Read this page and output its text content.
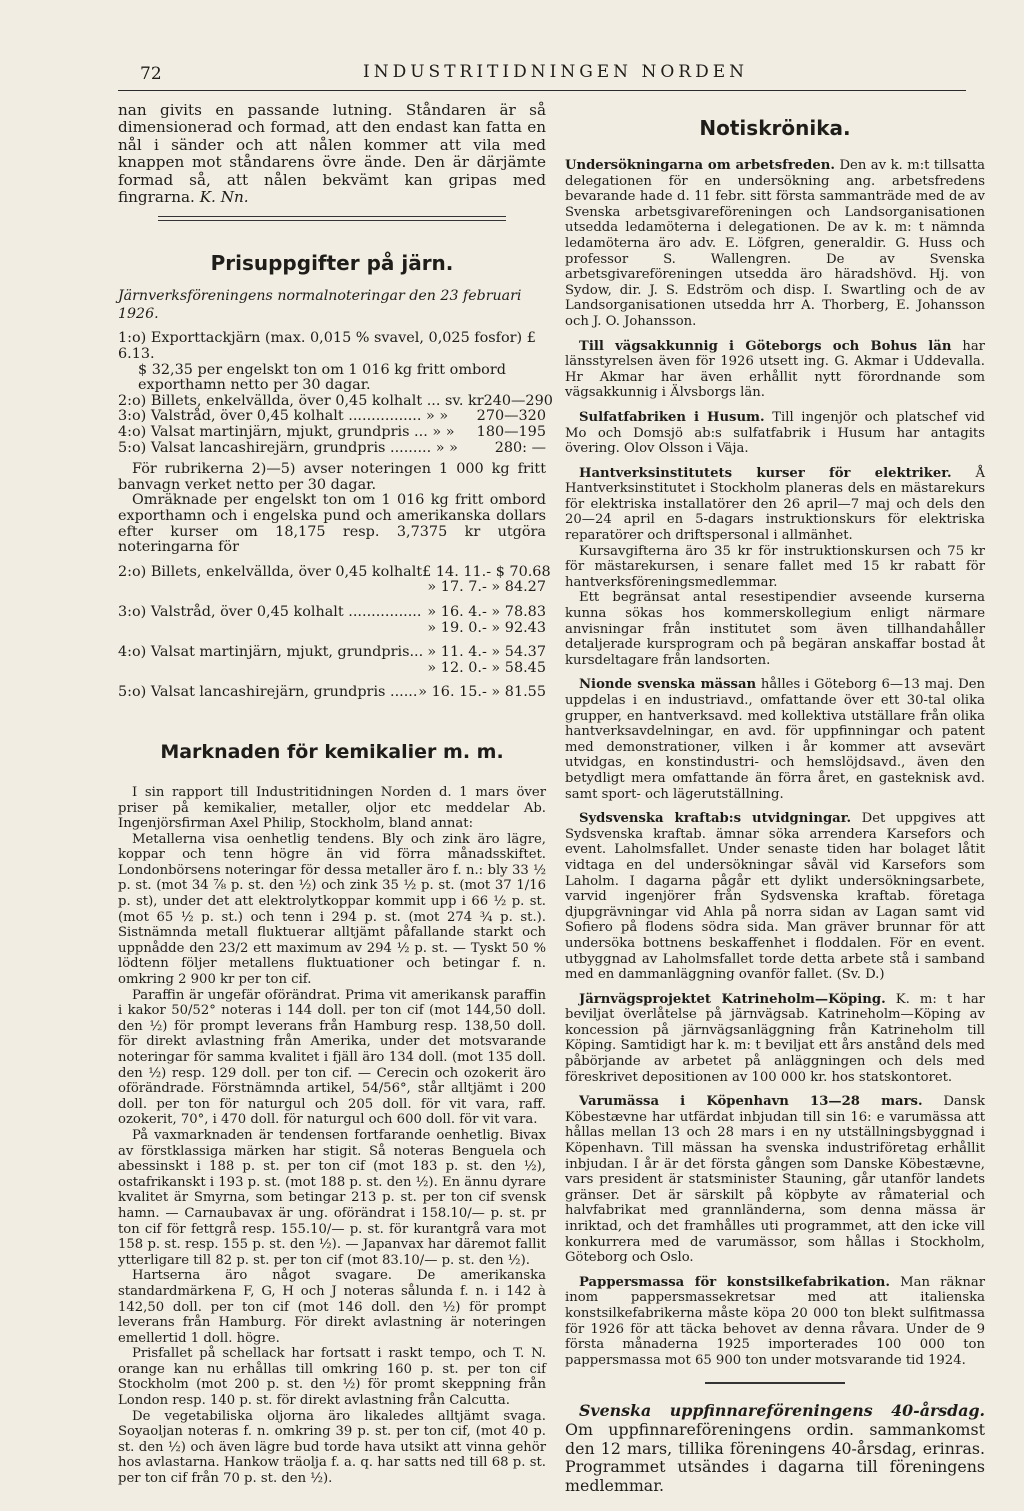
72	INDUSTRITIDNINGEN NORDEN

nan givits en passande lutning. Ståndaren är så dimensionerad och formad, att den endast kan fatta en nål i sänder och att nålen kommer att vila med knappen mot ståndarens övre ände. Den är därjämte formad så, att nålen bekvämt kan gripas med fingrarna. K. Nn.

Prisuppgifter på järn.

Järnverksföreningens normalnoteringar den 23 februari 1926.

1:o) Exporttackjärn (max. 0,015 % svavel, 0,025 fosfor) £ 6.13.
$ 32,35 per engelskt ton om 1 016 kg fritt ombord exporthamn netto per 30 dagar.
2:o) Billets, enkelvällda, över 0,45 kolhalt ... sv. kr 240—290
3:o) Valstråd, över 0,45 kolhalt ................ » » 270—320
4:o) Valsat martinjärn, mjukt, grundpris ... » » 180—195
5:o) Valsat lancashirejärn, grundpris ......... » »	280: —

För rubrikerna 2)—5) avser noteringen 1 000 kg fritt banvagn verket netto per 30 dagar.

Omräknade per engelskt ton om 1 016 kg fritt ombord exporthamn och i engelska pund och amerikanska dollars efter kurser om 18,175 resp. 3,7375 kr utgöra noteringarna för

2:o) Billets, enkelvällda, över 0,45 kolhalt £ 14. 11.- $ 70.68
» 17. 7.- » 84.27
3:o) Valstråd, över 0,45 kolhalt ................ » 16. 4.- » 78.83
» 19. 0.- » 92.43
4:o) Valsat martinjärn, mjukt, grundpris... » 11. 4.- » 54.37
» 12. 0.- » 58.45
5:o) Valsat lancashirejärn, grundpris ...... » 16. 15.- » 81.55
Marknaden för kemikalier m. m.

I sin rapport till Industritidningen Norden d. 1 mars över priser på kemikalier, metaller, oljor etc meddelar Ab. Ingenjörsfirman Axel Philip, Stockholm, bland annat:

Metallerna visa oenhetlig tendens. Bly och zink äro lägre, koppar och tenn högre än vid förra månadsskiftet. Londonbörsens noteringar för dessa metaller äro f. n.: bly 33 ½ p. st. (mot 34 ⅞ p. st. den ½) och zink 35 ½ p. st. (mot 37 1/16 p. st), under det att elektrolytkoppar kommit upp i 66 ½ p. st. (mot 65 ½ p. st.) och tenn i 294 p. st. (mot 274 ¾ p. st.). Sistnämnda metall fluktuerar alltjämt påfallande starkt och uppnådde den 23/2 ett maximum av 294 ½ p. st. — Tyskt 50 % lödtenn följer metallens fluktuationer och betingar f. n. omkring 2 900 kr per ton cif.

Paraffin är ungefär oförändrat. Prima vit amerikansk paraffin i kakor 50/52° noteras i 144 doll. per ton cif (mot 144,50 doll. den ½) för prompt leverans från Hamburg resp. 138,50 doll. för direkt avlastning från Amerika, under det motsvarande noteringar för samma kvalitet i fjäll äro 134 doll. (mot 135 doll. den ½) resp. 129 doll. per ton cif. — Cerecin och ozokerit äro oförändrade. Förstnämnda artikel, 54/56°, står alltjämt i 200 doll. per ton för naturgul och 205 doll. för vit vara, raff. ozokerit, 70°, i 470 doll. för naturgul och 600 doll. för vit vara.

På vaxmarknaden är tendensen fortfarande oenhetlig. Bivax av förstklassiga märken har stigit. Så noteras Benguela och abessinskt i 188 p. st. per ton cif (mot 183 p. st. den ½), ostafrikanskt i 193 p. st. (mot 188 p. st. den ½). En ännu dyrare kvalitet är Smyrna, som betingar 213 p. st. per ton cif svensk hamn. — Carnaubavax är ung. oförändrat i 158.10/— p. st. pr ton cif för fettgrå resp. 155.10/— p. st. för kurantgrå vara mot 158 p. st. resp. 155 p. st. den ½). — Japanvax har däremot fallit ytterligare till 82 p. st. per ton cif (mot 83.10/— p. st. den ½).

Hartserna äro något svagare. De amerikanska standardmärkena F, G, H och J noteras sålunda f. n. i 142 à 142,50 doll. per ton cif (mot 146 doll. den ½) för prompt leverans från Hamburg. För direkt avlastning är noteringen emellertid 1 doll. högre.

Prisfallet på schellack har fortsatt i raskt tempo, och T. N. orange kan nu erhållas till omkring 160 p. st. per ton cif Stockholm (mot 200 p. st. den ½) för promt skeppning från London resp. 140 p. st. för direkt avlastning från Calcutta.

De vegetabiliska oljorna äro likaledes alltjämt svaga. Soyaoljan noteras f. n. omkring 39 p. st. per ton cif, (mot 40 p. st. den ½) och även lägre bud torde hava utsikt att vinna gehör hos avlastarna. Hankow träolja f. a. q. har satts ned till 68 p. st. per ton cif från 70 p. st. den ½).

Notiskrönika.

Undersökningarna om arbetsfreden. Den av k. m:t tillsatta delegationen för en undersökning ang. arbetsfredens bevarande hade d. 11 febr. sitt första sammanträde med de av Svenska arbetsgivareföreningen och Landsorganisationen utsedda ledamöterna i delegationen. De av k. m: t nämnda ledamöterna äro adv. E. Löfgren, generaldir. G. Huss och professor S. Wallengren. De av Svenska arbetsgivareföreningen utsedda äro häradshövd. Hj. von Sydow, dir. J. S. Edström och disp. I. Swartling och de av Landsorganisationen utsedda hrr A. Thorberg, E. Johansson och J. O. Johansson.

Till vägsakkunnig i Göteborgs och Bohus län har länsstyrelsen även för 1926 utsett ing. G. Akmar i Uddevalla. Hr Akmar har även erhållit nytt förordnande som vägsakkunnig i Älvsborgs län.

Sulfatfabriken i Husum. Till ingenjör och platschef vid Mo och Domsjö ab:s sulfatfabrik i Husum har antagits övering. Olov Olsson i Väja.

Hantverksinstitutets kurser för elektriker. Å Hantverksinstitutet i Stockholm planeras dels en mästarekurs för elektriska installatörer den 26 april—7 maj och dels den 20—24 april en 5-dagars instruktionskurs för elektriska reparatörer och driftspersonal i allmänhet.

Kursavgifterna äro 35 kr för instruktionskursen och 75 kr för mästarekursen, i senare fallet med 15 kr rabatt för hantverksföreningsmedlemmar.

Ett begränsat antal resestipendier avseende kurserna kunna sökas hos kommerskollegium enligt närmare anvisningar från institutet som även tillhandahåller detaljerade kursprogram och på begäran anskaffar bostad åt kursdeltagare från landsorten.

Nionde svenska mässan hålles i Göteborg 6—13 maj. Den uppdelas i en industriavd., omfattande över ett 30-tal olika grupper, en hantverksavd. med kollektiva utställare från olika hantverksavdelningar, en avd. för uppfinningar och patent med demonstrationer, vilken i år kommer att avsevärt utvidgas, en konstindustri- och hemslöjdsavd., även den betydligt mera omfattande än förra året, en gasteknisk avd. samt sport- och lägerutställning.

Sydsvenska kraftab:s utvidgningar. Det uppgives att Sydsvenska kraftab. ämnar söka arrendera Karsefors och event. Laholmsfallet. Under senaste tiden har bolaget låtit vidtaga en del undersökningar såväl vid Karsefors som Laholm. I dagarna pågår ett dylikt undersökningsarbete, varvid ingenjörer från Sydsvenska kraftab. företaga djupgrävningar vid Ahla på norra sidan av Lagan samt vid Sofiero på flodens södra sida. Man gräver brunnar för att undersöka bottnens beskaffenhet i floddalen. För en event. utbyggnad av Laholmsfallet torde detta arbete stå i samband med en dammanläggning ovanför fallet. (Sv. D.)

Järnvägsprojektet Katrineholm—Köping. K. m: t har beviljat överlåtelse på järnvägsab. Katrineholm—Köping av koncession på järnvägsanläggning från Katrineholm till Köping. Samtidigt har k. m: t beviljat ett års anstånd dels med påbörjande av arbetet på anläggningen och dels med föreskrivet depositionen av 100 000 kr. hos statskontoret.

Varumässa i Köpenhavn 13—28 mars. Dansk Köbestævne har utfärdat inbjudan till sin 16: e varumässa att hållas mellan 13 och 28 mars i en ny utställningsbyggnad i Köpenhavn. Till mässan ha svenska industriföretag erhållit inbjudan. I år är det första gången som Danske Köbestævne, vars president är statsminister Stauning, går utanför landets gränser. Det är särskilt på köpbyte av råmaterial och halvfabrikat med grannländerna, som denna mässa är inriktad, och det framhålles uti programmet, att den icke vill konkurrera med de varumässor, som hållas i Stockholm, Göteborg och Oslo.

Pappersmassa för konstsilkefabrikation. Man räknar inom pappersmassekretsar med att italienska konstsilkefabrikerna måste köpa 20 000 ton blekt sulfitmassa för 1926 för att täcka behovet av denna råvara. Under de 9 första månaderna 1925 importerades 100 000 ton pappersmassa mot 65 900 ton under motsvarande tid 1924.

Svenska uppfinnareföreningens 40-årsdag. Om uppfinnareföreningens ordin. sammankomst den 12 mars, tillika föreningens 40-årsdag, erinras. Programmet utsändes i dagarna till föreningens medlemmar.
